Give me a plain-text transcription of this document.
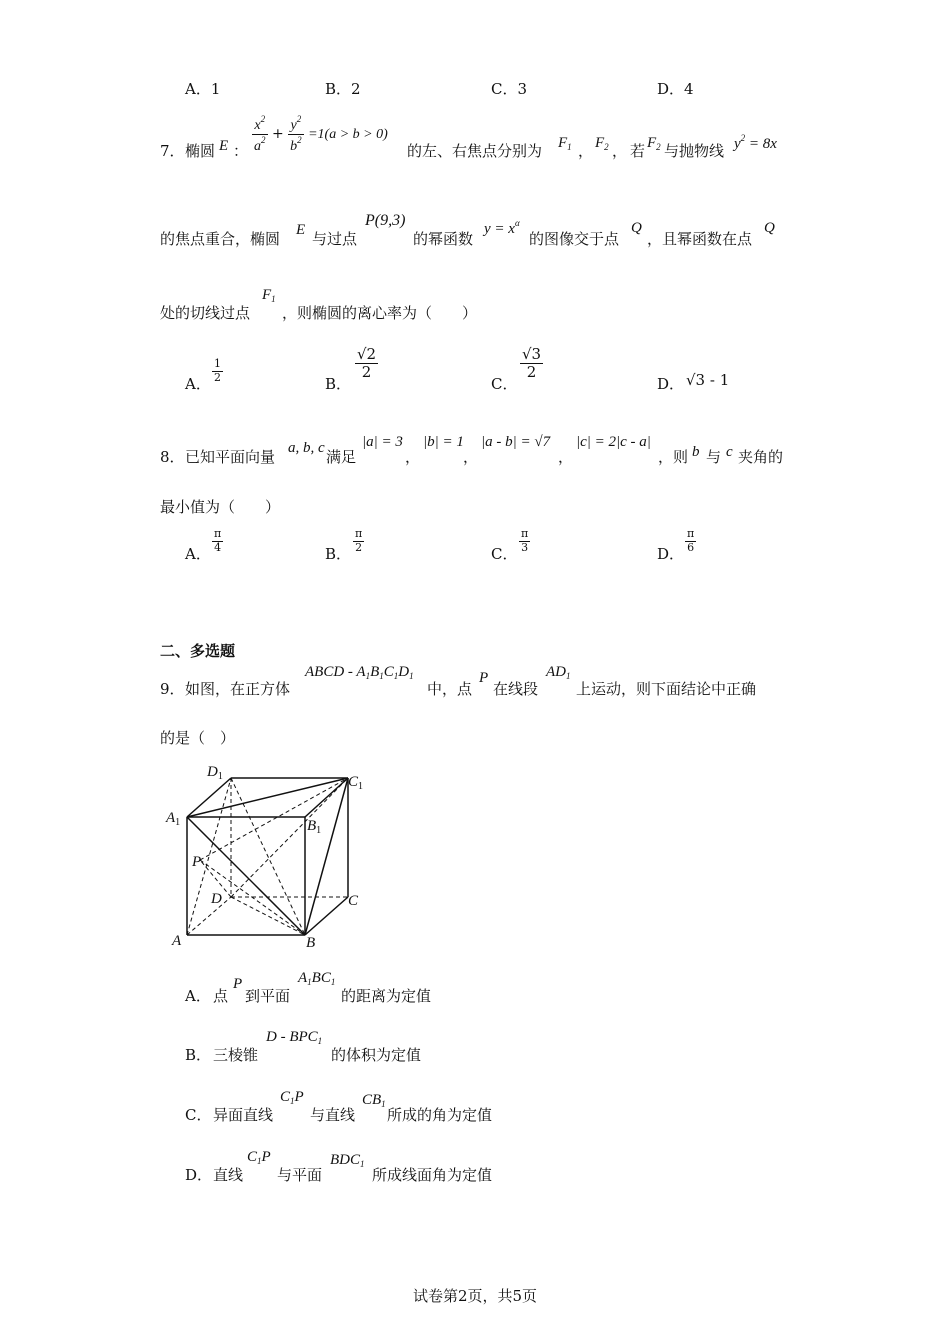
A．1	B．2	C．3	D．4
7． 椭圆 E ： $\frac{x^2}{a^2} + \frac{y^2}{b^2} =1(a > b > 0)$
的左、右焦点分别为 $F_1$ ， $F_2$ ， 若 $F_2$ 与抛物线 $y^2 = 8x$
的焦点重合，椭圆 E 与过点
P(9,3)
的幂函数
$y = x^\alpha$
的图像交于点
Q
，且幂函数在点
Q
处的切线过点
$F_1$
，则椭圆的离心率为（　　）
A． $\frac{1}{2}$	B．
$\frac{√2}{2}$
C．
$\frac{√3}{2}$
D． √3 - 1
8． 已知平面向量 a, b, c 满足
|a| = 3
，
|b| = 1
，
|a - b| = √7
，
|c| = 2|c - a|
，则 b 与 c 夹角的
最小值为（　　）
A． $\frac{\pi}{4}$	B． $\frac{\pi}{2}$	C． $\frac{\pi}{3}$	D． $\frac{\pi}{6}$
二、多选题
9． 如图，在正方体
ABCD - $A_1B_1C_1D_1$
中，点
P
在线段
$AD_1$
上运动，则下面结论中正确
的是（　）
$D_1$	$C_1$
$A_1$	$B_1$
P
D	C
A	B
A． 点
P
到平面
$A_1BC_1$
的距离为定值
B． 三棱锥
D - $BPC_1$
的体积为定值
C． 异面直线
$C_1P$
与直线
$CB_1$
所成的角为定值
D． 直线
$C_1P$
与平面
$BDC_1$
所成线面角为定值
试卷第2页，共5页
